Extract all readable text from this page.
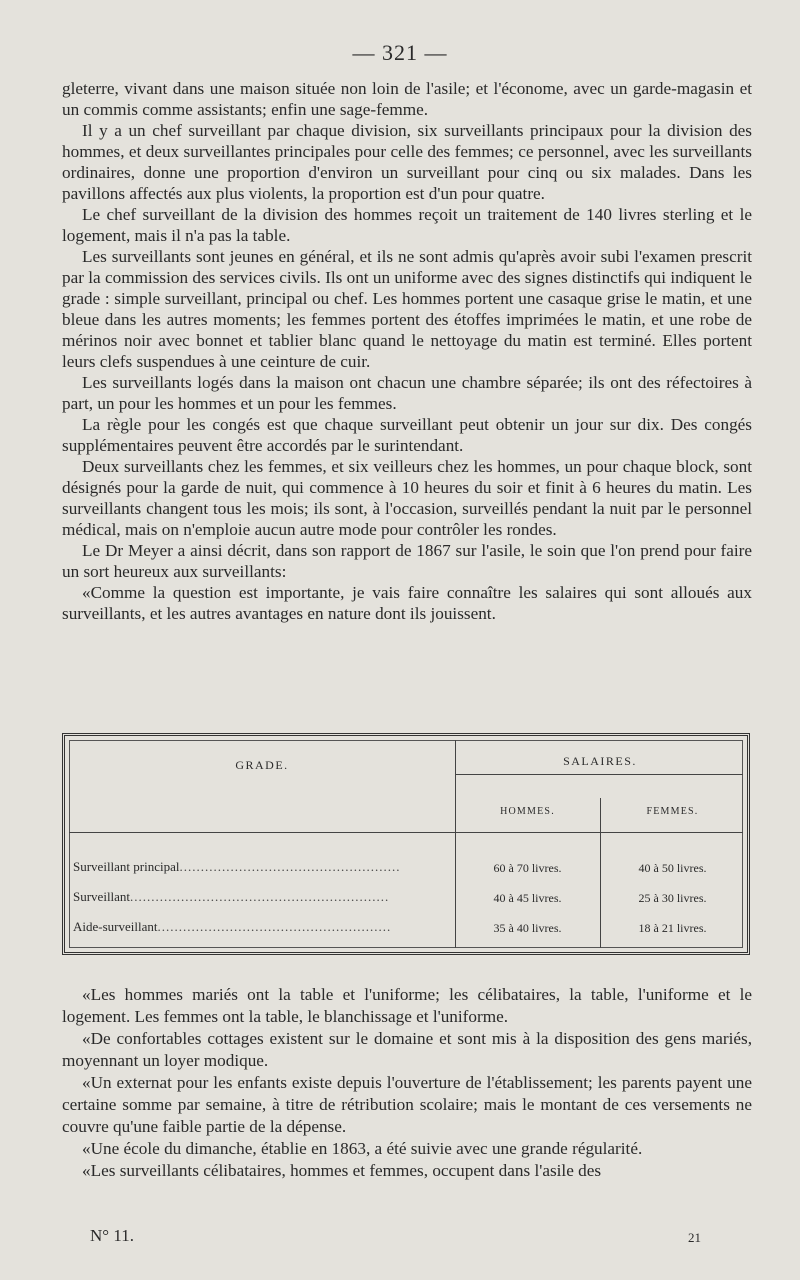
— 321 —

gleterre, vivant dans une maison située non loin de l'asile; et l'économe, avec un garde-magasin et un commis comme assistants; enfin une sage-femme.

Il y a un chef surveillant par chaque division, six surveillants principaux pour la division des hommes, et deux surveillantes principales pour celle des femmes; ce personnel, avec les surveillants ordinaires, donne une proportion d'environ un surveillant pour cinq ou six malades. Dans les pavillons affectés aux plus violents, la proportion est d'un pour quatre.

Le chef surveillant de la division des hommes reçoit un traitement de 140 livres sterling et le logement, mais il n'a pas la table.

Les surveillants sont jeunes en général, et ils ne sont admis qu'après avoir subi l'examen prescrit par la commission des services civils. Ils ont un uniforme avec des signes distinctifs qui indiquent le grade : simple surveillant, principal ou chef. Les hommes portent une casaque grise le matin, et une bleue dans les autres moments; les femmes portent des étoffes imprimées le matin, et une robe de mérinos noir avec bonnet et tablier blanc quand le nettoyage du matin est terminé. Elles portent leurs clefs suspendues à une ceinture de cuir.

Les surveillants logés dans la maison ont chacun une chambre séparée; ils ont des réfectoires à part, un pour les hommes et un pour les femmes.

La règle pour les congés est que chaque surveillant peut obtenir un jour sur dix. Des congés supplémentaires peuvent être accordés par le surintendant.

Deux surveillants chez les femmes, et six veilleurs chez les hommes, un pour chaque block, sont désignés pour la garde de nuit, qui commence à 10 heures du soir et finit à 6 heures du matin. Les surveillants changent tous les mois; ils sont, à l'occasion, surveillés pendant la nuit par le personnel médical, mais on n'emploie aucun autre mode pour contrôler les rondes.

Le Dr Meyer a ainsi décrit, dans son rapport de 1867 sur l'asile, le soin que l'on prend pour faire un sort heureux aux surveillants:

«Comme la question est importante, je vais faire connaître les salaires qui sont alloués aux surveillants, et les autres avantages en nature dont ils jouissent.

GRADE.	SALAIRES.
HOMMES.	FEMMES.
Surveillant principal....................................................	60 à 70 livres.	40 à 50 livres.
Surveillant.............................................................	40 à 45 livres.	25 à 30 livres.
Aide-surveillant.......................................................	35 à 40 livres.	18 à 21 livres.

«Les hommes mariés ont la table et l'uniforme; les célibataires, la table, l'uniforme et le logement. Les femmes ont la table, le blanchissage et l'uniforme.

«De confortables cottages existent sur le domaine et sont mis à la disposition des gens mariés, moyennant un loyer modique.

«Un externat pour les enfants existe depuis l'ouverture de l'établissement; les parents payent une certaine somme par semaine, à titre de rétribution scolaire; mais le montant de ces versements ne couvre qu'une faible partie de la dépense.

«Une école du dimanche, établie en 1863, a été suivie avec une grande régularité.

«Les surveillants célibataires, hommes et femmes, occupent dans l'asile des

N° 11.	21
